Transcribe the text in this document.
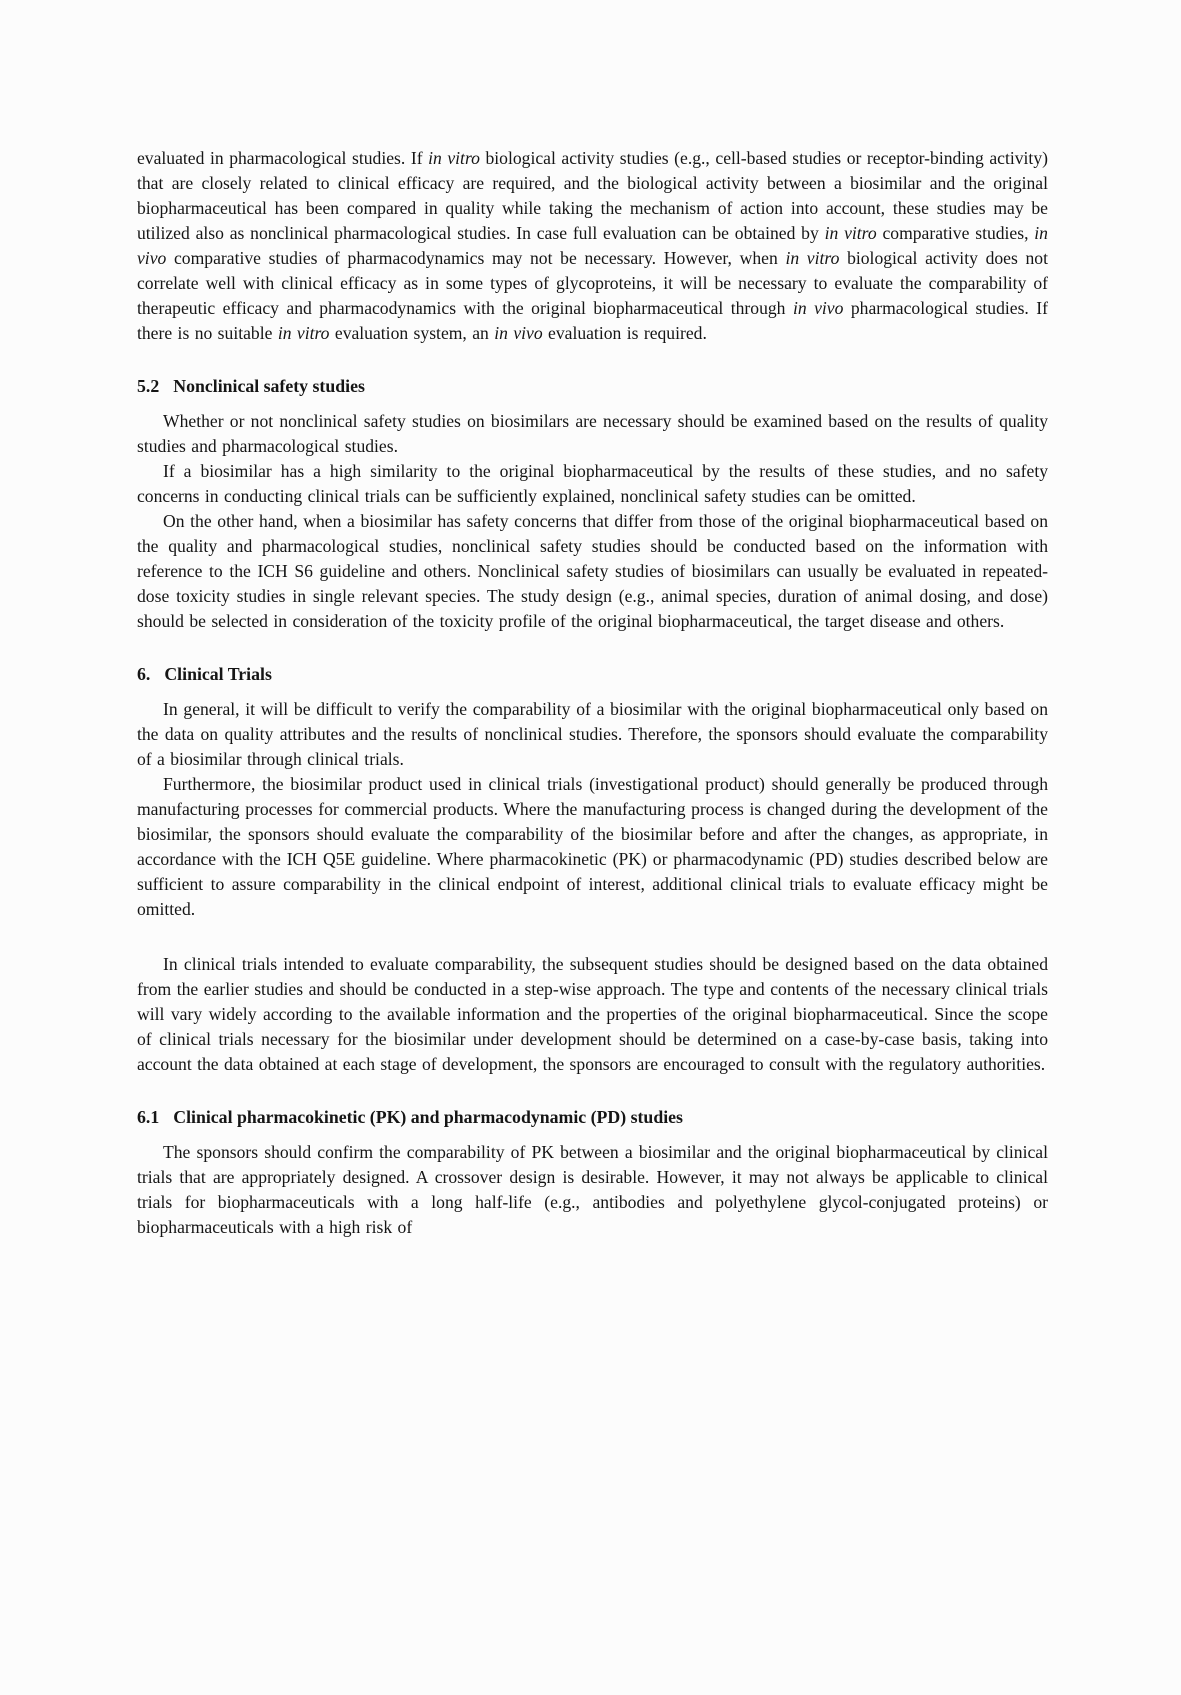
evaluated in pharmacological studies. If in vitro biological activity studies (e.g., cell-based studies or receptor-binding activity) that are closely related to clinical efficacy are required, and the biological activity between a biosimilar and the original biopharmaceutical has been compared in quality while taking the mechanism of action into account, these studies may be utilized also as nonclinical pharmacological studies. In case full evaluation can be obtained by in vitro comparative studies, in vivo comparative studies of pharmacodynamics may not be necessary. However, when in vitro biological activity does not correlate well with clinical efficacy as in some types of glycoproteins, it will be necessary to evaluate the comparability of therapeutic efficacy and pharmacodynamics with the original biopharmaceutical through in vivo pharmacological studies. If there is no suitable in vitro evaluation system, an in vivo evaluation is required.

5.2 Nonclinical safety studies

Whether or not nonclinical safety studies on biosimilars are necessary should be examined based on the results of quality studies and pharmacological studies.

If a biosimilar has a high similarity to the original biopharmaceutical by the results of these studies, and no safety concerns in conducting clinical trials can be sufficiently explained, nonclinical safety studies can be omitted.

On the other hand, when a biosimilar has safety concerns that differ from those of the original biopharmaceutical based on the quality and pharmacological studies, nonclinical safety studies should be conducted based on the information with reference to the ICH S6 guideline and others. Nonclinical safety studies of biosimilars can usually be evaluated in repeated-dose toxicity studies in single relevant species. The study design (e.g., animal species, duration of animal dosing, and dose) should be selected in consideration of the toxicity profile of the original biopharmaceutical, the target disease and others.

6. Clinical Trials

In general, it will be difficult to verify the comparability of a biosimilar with the original biopharmaceutical only based on the data on quality attributes and the results of nonclinical studies. Therefore, the sponsors should evaluate the comparability of a biosimilar through clinical trials.

Furthermore, the biosimilar product used in clinical trials (investigational product) should generally be produced through manufacturing processes for commercial products. Where the manufacturing process is changed during the development of the biosimilar, the sponsors should evaluate the comparability of the biosimilar before and after the changes, as appropriate, in accordance with the ICH Q5E guideline. Where pharmacokinetic (PK) or pharmacodynamic (PD) studies described below are sufficient to assure comparability in the clinical endpoint of interest, additional clinical trials to evaluate efficacy might be omitted.

In clinical trials intended to evaluate comparability, the subsequent studies should be designed based on the data obtained from the earlier studies and should be conducted in a step-wise approach. The type and contents of the necessary clinical trials will vary widely according to the available information and the properties of the original biopharmaceutical. Since the scope of clinical trials necessary for the biosimilar under development should be determined on a case-by-case basis, taking into account the data obtained at each stage of development, the sponsors are encouraged to consult with the regulatory authorities.

6.1 Clinical pharmacokinetic (PK) and pharmacodynamic (PD) studies

The sponsors should confirm the comparability of PK between a biosimilar and the original biopharmaceutical by clinical trials that are appropriately designed. A crossover design is desirable. However, it may not always be applicable to clinical trials for biopharmaceuticals with a long half-life (e.g., antibodies and polyethylene glycol-conjugated proteins) or biopharmaceuticals with a high risk of
